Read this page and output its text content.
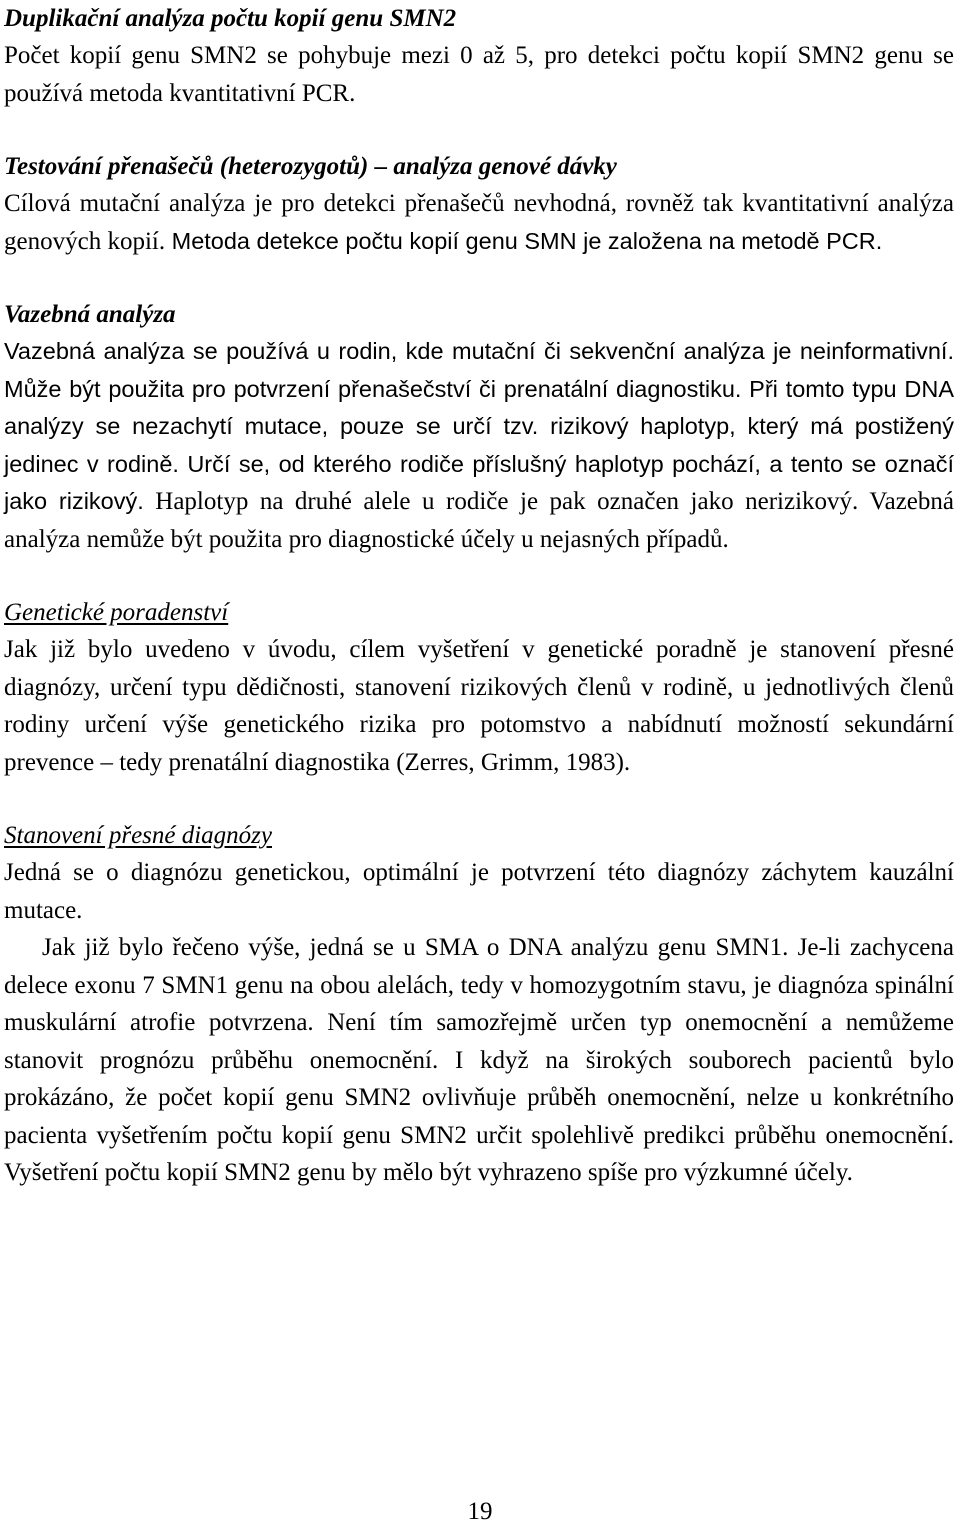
Duplikační analýza počtu kopií genu SMN2

Počet kopií genu SMN2 se pohybuje mezi 0 až 5, pro detekci počtu kopií SMN2 genu se používá metoda kvantitativní PCR.

Testování přenašečů (heterozygotů) – analýza genové dávky

Cílová mutační analýza je pro detekci přenašečů nevhodná, rovněž tak kvantitativní analýza genových kopií. Metoda detekce počtu kopií genu SMN je založena na metodě PCR.

Vazebná analýza

Vazebná analýza se používá u rodin, kde mutační či sekvenční analýza je neinformativní. Může být použita pro potvrzení přenašečství či prenatální diagnostiku. Při tomto typu DNA analýzy se nezachytí mutace, pouze se určí tzv. rizikový haplotyp, který má postižený jedinec v rodině. Určí se, od kterého rodiče příslušný haplotyp pochází, a tento se označí jako rizikový. Haplotyp na druhé alele u rodiče je pak označen jako nerizikový. Vazebná analýza nemůže být použita pro diagnostické účely u nejasných případů.

Genetické poradenství

Jak již bylo uvedeno v úvodu, cílem vyšetření v genetické poradně je stanovení přesné diagnózy, určení typu dědičnosti, stanovení rizikových členů v rodině, u jednotlivých členů rodiny určení výše genetického rizika pro potomstvo a nabídnutí možností sekundární prevence – tedy prenatální diagnostika (Zerres, Grimm, 1983).

Stanovení přesné diagnózy

Jedná se o diagnózu genetickou, optimální je potvrzení této diagnózy záchytem kauzální mutace.

Jak již bylo řečeno výše, jedná se u SMA o DNA analýzu genu SMN1. Je-li zachycena delece exonu 7 SMN1 genu na obou alelách, tedy v homozygotním stavu, je diagnóza spinální muskulární atrofie potvrzena. Není tím samozřejmě určen typ onemocnění a nemůžeme stanovit prognózu průběhu onemocnění. I když na širokých souborech pacientů bylo prokázáno, že počet kopií genu SMN2 ovlivňuje průběh onemocnění, nelze u konkrétního pacienta vyšetřením počtu kopií genu SMN2 určit spolehlivě predikci průběhu onemocnění. Vyšetření počtu kopií SMN2 genu by mělo být vyhrazeno spíše pro výzkumné účely.

19
